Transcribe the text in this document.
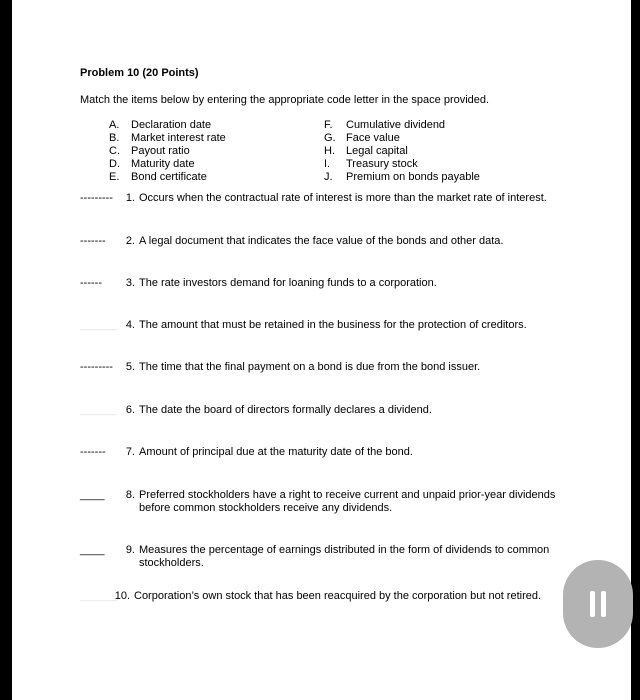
Problem 10 (20 Points)
Match the items below by entering the appropriate code letter in the space provided.
A.	Declaration date
B.	Market interest rate
C.	Payout ratio
D.	Maturity date
E.	Bond certificate
F.	Cumulative dividend
G. Face value
H.	Legal capital
I.	Treasury stock
J.	Premium on bonds payable
---------	1. Occurs when the contractual rate of interest is more than the market rate of interest.
-------	2. A legal document that indicates the face value of the bonds and other data.
------	3. The rate investors demand for loaning funds to a corporation.
______ 4. The amount that must be retained in the business for the protection of creditors.
---------	5. The time that the final payment on a bond is due from the bond issuer.
______ 6. The date the board of directors formally declares a dividend.
-------	7. Amount of principal due at the maturity date of the bond.
____	8. Preferred stockholders have a right to receive current and unpaid prior-year dividends before common stockholders receive any dividends.
____	9. Measures the percentage of earnings distributed in the form of dividends to common stockholders.
______
10. Corporation’s own stock that has been reacquired by the corporation but not retired.
